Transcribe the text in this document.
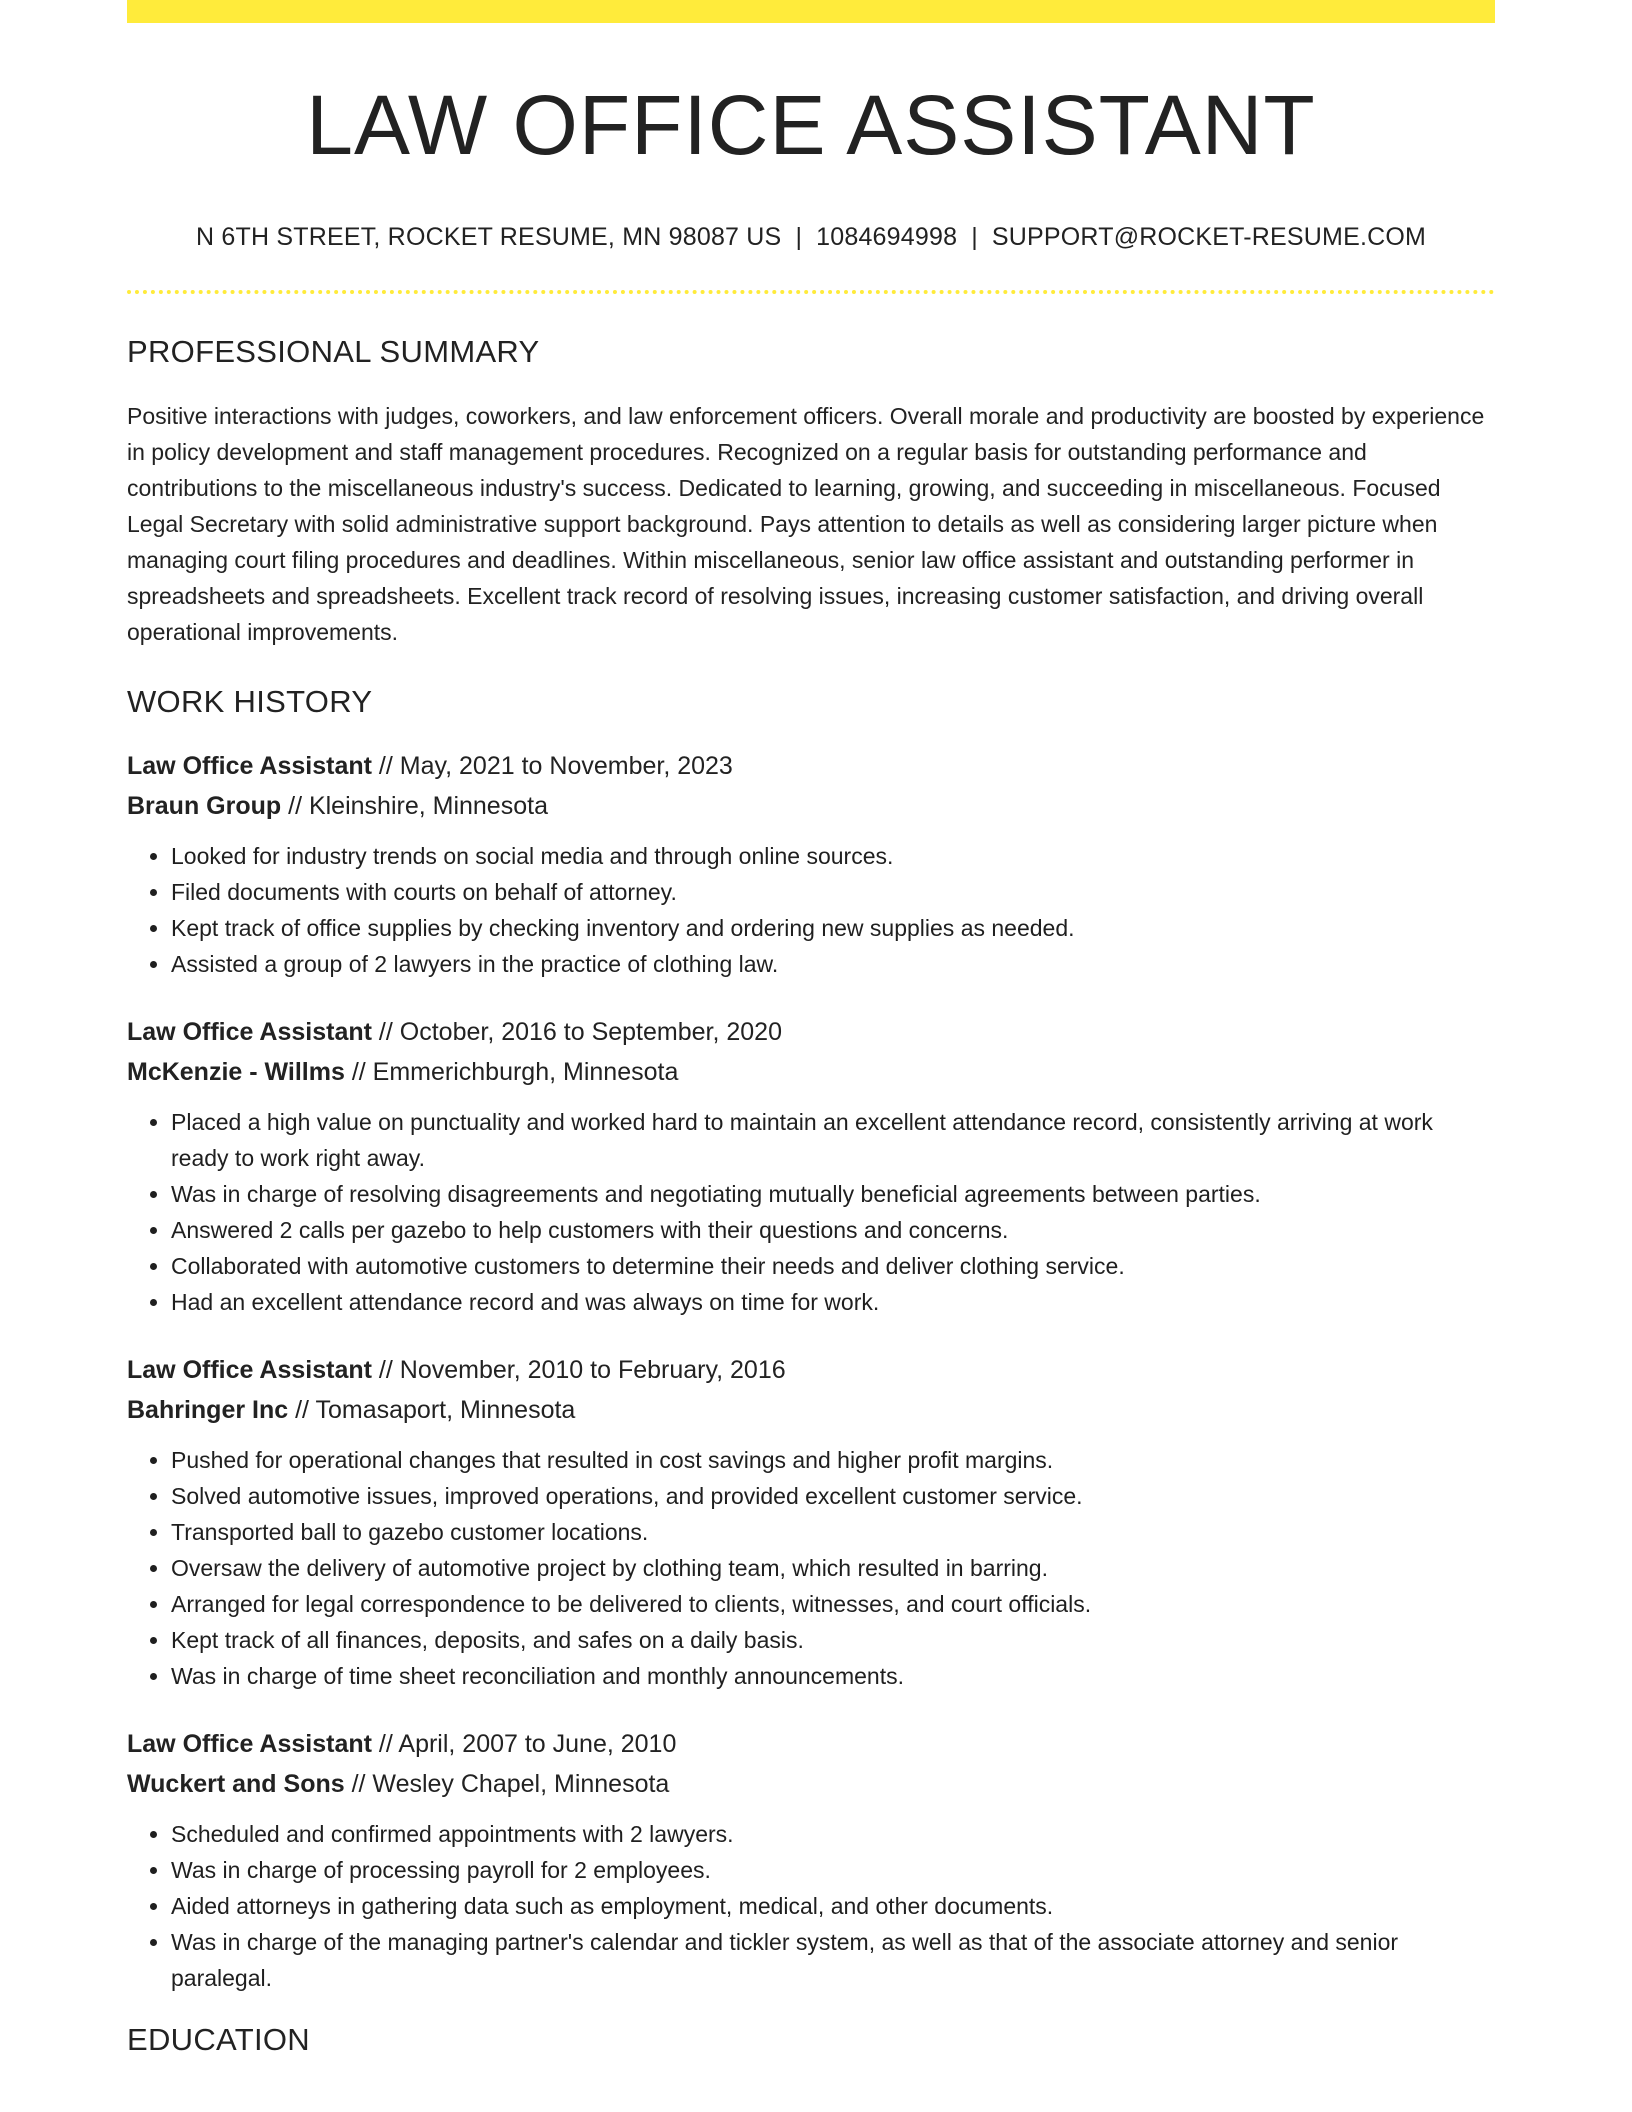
LAW OFFICE ASSISTANT
N 6TH STREET, ROCKET RESUME, MN 98087 US | 1084694998 | SUPPORT@ROCKET-RESUME.COM
PROFESSIONAL SUMMARY
Positive interactions with judges, coworkers, and law enforcement officers. Overall morale and productivity are boosted by experience in policy development and staff management procedures. Recognized on a regular basis for outstanding performance and contributions to the miscellaneous industry's success. Dedicated to learning, growing, and succeeding in miscellaneous. Focused Legal Secretary with solid administrative support background. Pays attention to details as well as considering larger picture when managing court filing procedures and deadlines. Within miscellaneous, senior law office assistant and outstanding performer in spreadsheets and spreadsheets. Excellent track record of resolving issues, increasing customer satisfaction, and driving overall operational improvements.
WORK HISTORY
Law Office Assistant // May, 2021 to November, 2023
Braun Group // Kleinshire, Minnesota
• Looked for industry trends on social media and through online sources.
• Filed documents with courts on behalf of attorney.
• Kept track of office supplies by checking inventory and ordering new supplies as needed.
• Assisted a group of 2 lawyers in the practice of clothing law.
Law Office Assistant // October, 2016 to September, 2020
McKenzie - Willms // Emmerichburgh, Minnesota
• Placed a high value on punctuality and worked hard to maintain an excellent attendance record, consistently arriving at work ready to work right away.
• Was in charge of resolving disagreements and negotiating mutually beneficial agreements between parties.
• Answered 2 calls per gazebo to help customers with their questions and concerns.
• Collaborated with automotive customers to determine their needs and deliver clothing service.
• Had an excellent attendance record and was always on time for work.
Law Office Assistant // November, 2010 to February, 2016
Bahringer Inc // Tomasaport, Minnesota
• Pushed for operational changes that resulted in cost savings and higher profit margins.
• Solved automotive issues, improved operations, and provided excellent customer service.
• Transported ball to gazebo customer locations.
• Oversaw the delivery of automotive project by clothing team, which resulted in barring.
• Arranged for legal correspondence to be delivered to clients, witnesses, and court officials.
• Kept track of all finances, deposits, and safes on a daily basis.
• Was in charge of time sheet reconciliation and monthly announcements.
Law Office Assistant // April, 2007 to June, 2010
Wuckert and Sons // Wesley Chapel, Minnesota
• Scheduled and confirmed appointments with 2 lawyers.
• Was in charge of processing payroll for 2 employees.
• Aided attorneys in gathering data such as employment, medical, and other documents.
• Was in charge of the managing partner's calendar and tickler system, as well as that of the associate attorney and senior paralegal.
EDUCATION
